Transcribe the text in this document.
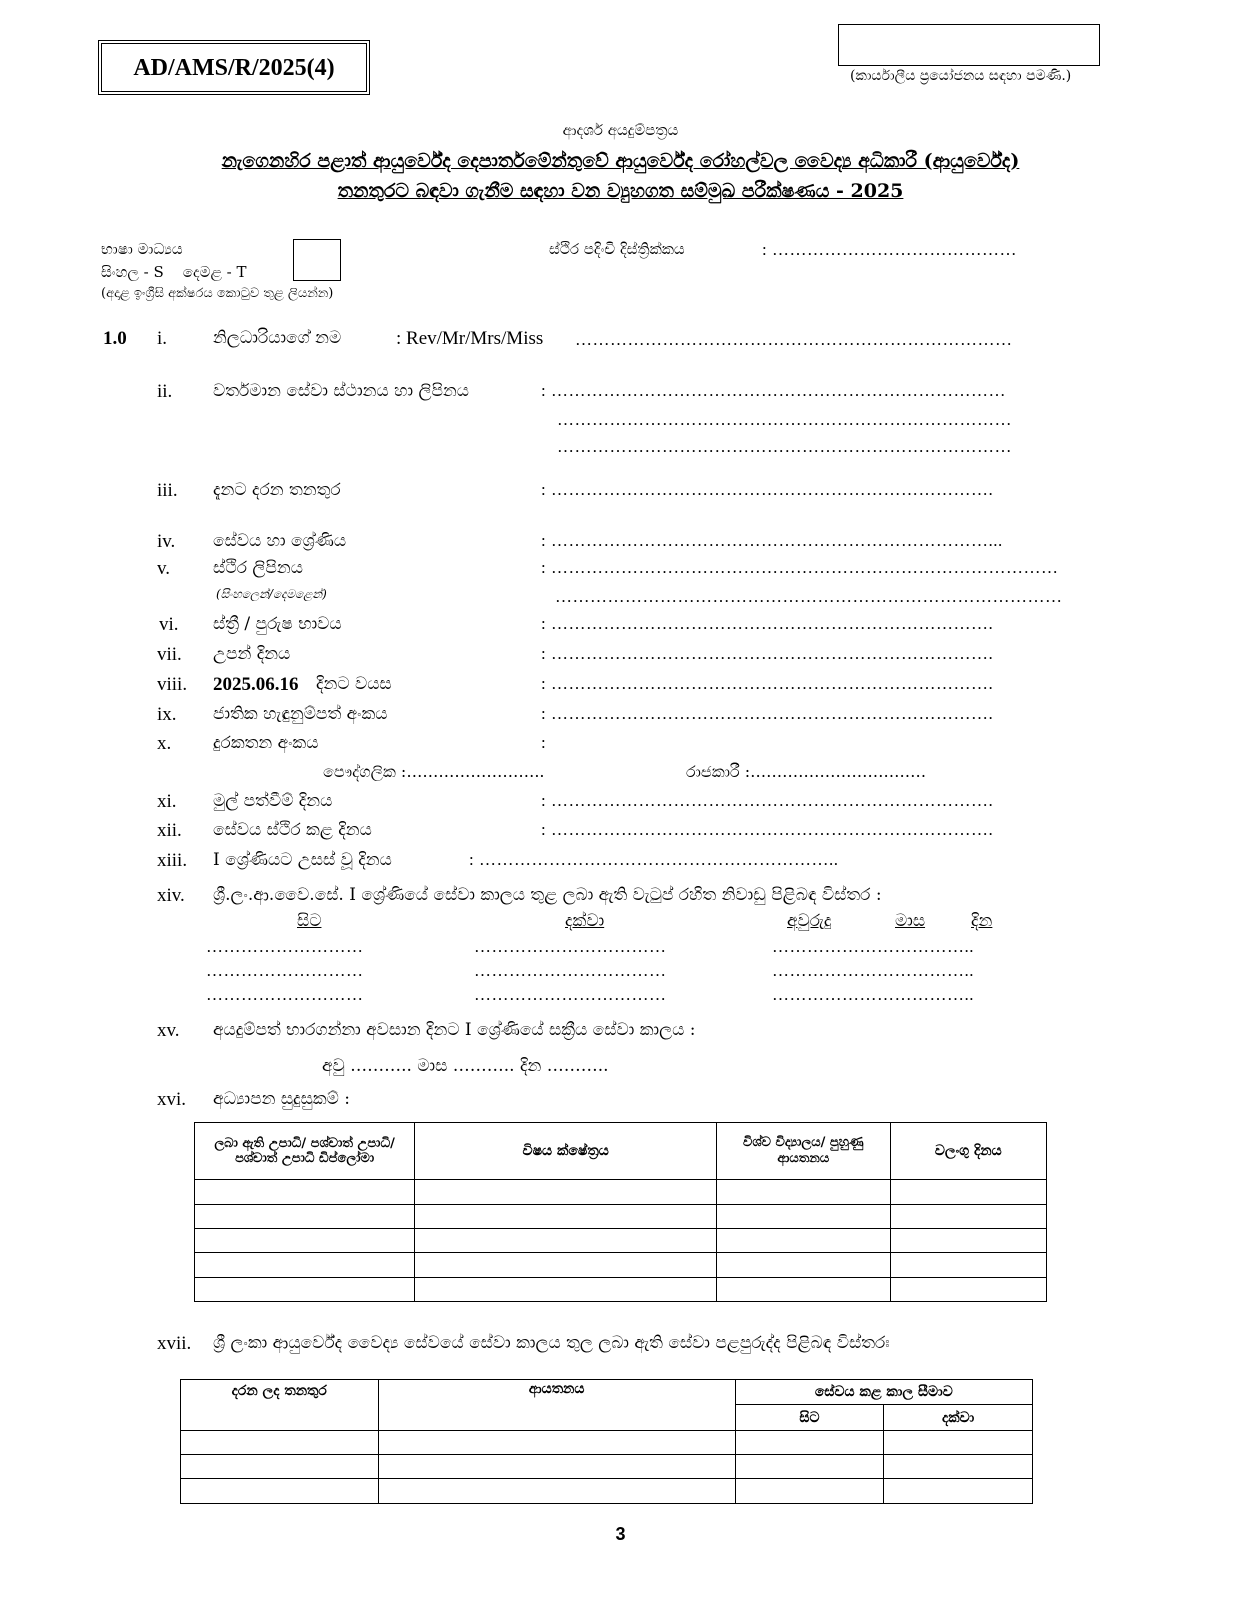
AD/AMS/R/2025(4)	(කාර්යාලීය ප්‍රයෝජනය සඳහා පමණි.)
ආදර්ශ අයදුම්පත්‍රය
නැගෙනහිර පළාත් ආයුර්වේද දෙපාර්තමේන්තුවේ ආයුර්වේද රෝහල්වල වෛද්‍ය අධිකාරී (ආයුර්වේද)
තනතුරට බඳවා ගැනීම සඳහා වන ව්‍යුහගත සම්මුඛ පරීක්ෂණය - 2025
භාෂා මාධ්‍යය
සිංහල - S    දෙමළ - T
(අදාළ ඉංග්‍රීසි අක්ෂරය කොටුව තුළ ලියන්න)
ස්ථිර පදිංචි දිස්ත්‍රික්කය	: ……………………………………
1.0 i.	නිලධාරියාගේ නම	: Rev/Mr/Mrs/Miss …………………………………………………………………
ii. වර්තමාන සේවා ස්ථානය හා ලිපිනය	: ……………………………………………………………………
……………………………………………………………………
……………………………………………………………………
iii. දැනට දරන තනතුර	: ………………………………………………………………….
iv. සේවය හා ශ්‍රේණිය	: …………………………………………………………………...
v.	ස්ථිර ලිපිනය
(සිංහලෙන්/දෙමළෙන්)
: ……………………………………………………………………………
……………………………………………………………………………
vi. ස්ත්‍රී / පුරුෂ භාවය	: ………………………………………………………………….
vii. උපන් දිනය	: ………………………………………………………………….
viii. 2025.06.16 දිනට වයස	: ………………………………………………………………….
ix. ජාතික හැඳුනුම්පත් අංකය	: ………………………………………………………………….
x. දුරකතන අංකය	:
පෞද්ගලික :……………………..	රාජකාරී :……………………………
xi. මුල් පත්වීම් දිනය	: ………………………………………………………………….
xii. සේවය ස්ථිර කළ දිනය	: ………………………………………………………………….
xiii. I ශ්‍රේණියට උසස් වූ දිනය	: ……………………………………………………..
xiv. ශ්‍රී.ලං.ආ.වෛ.සේ. I ශ්‍රේණියේ සේවා කාලය තුළ ලබා ඇති වැටුප් රහිත නිවාඩු පිළිබඳ විස්තර :
සිට	දක්වා	අවුරුදු	මාස	දින
………………………	……………………………	……………………………..
………………………	……………………………	……………………………..
………………………	……………………………	……………………………..
xv. අයදුම්පත් භාරගන්නා අවසාන දිනට I ශ්‍රේණියේ සක්‍රීය සේවා කාලය :
අවු ……….. මාස ……….. දින ………..
xvi. අධ්‍යාපන සුදුසුකම් :
ලබා ඇති උපාධි/ පශ්චාත් උපාධි/ පශ්චාත් උපාධි ඩිප්ලෝමා	විෂය ක්ෂේත්‍රය	විශ්ව විද්‍යාලය/ පුහුණු ආයතනය	වලංගු දිනය

xvii. ශ්‍රී ලංකා ආයුර්වේද වෛද්‍ය සේවයේ සේවා කාලය තුල ලබා ඇති සේවා පළපුරුද්ද පිළිබඳ විස්තරඃ
දරන ලද තනතුර	ආයතනය	සේවය කළ කාල සීමාව	
		සිට	දක්වා

3
